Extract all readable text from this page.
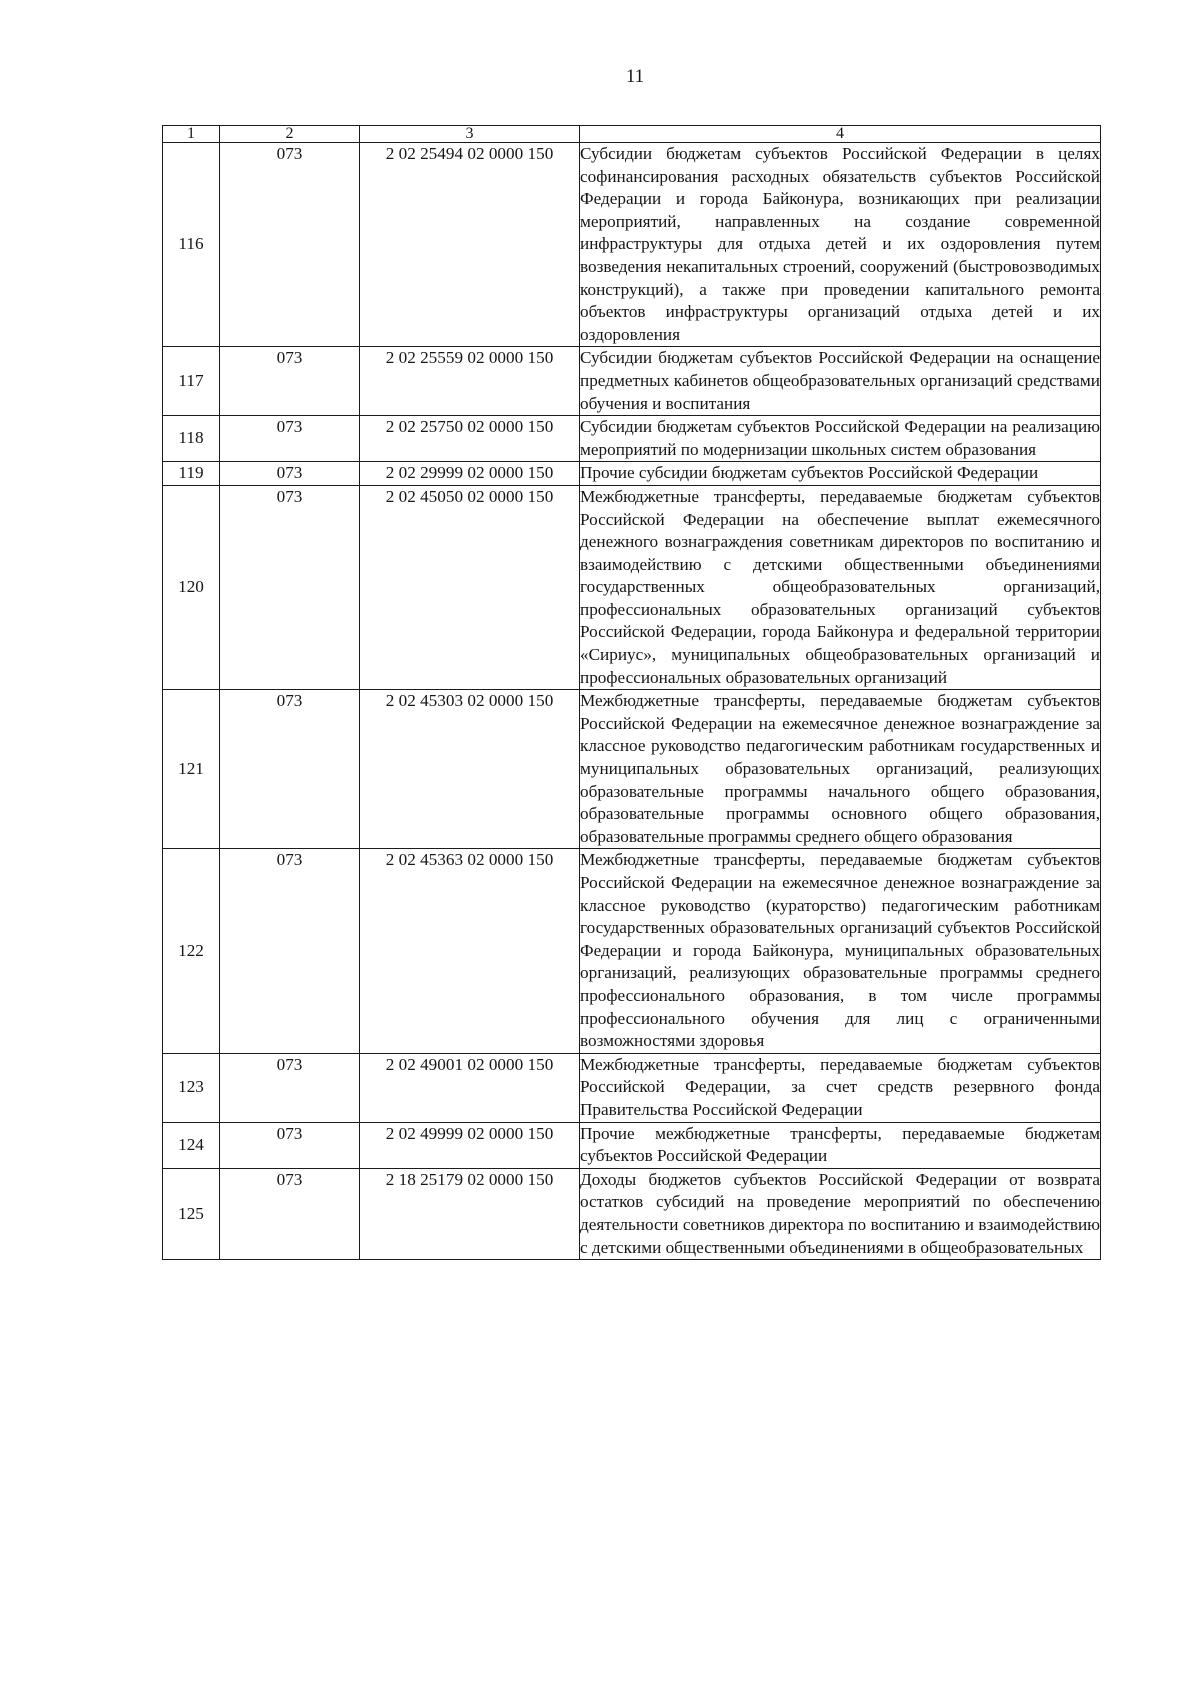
11
1	2	3	4
116	073	2 02 25494 02 0000 150	Субсидии бюджетам субъектов Российской Федерации в целях софинансирования расходных обязательств субъектов Российской Федерации и города Байконура, возникающих при реализации мероприятий, направленных на создание современной инфраструктуры для отдыха детей и их оздоровления путем возведения некапитальных строений, сооружений (быстровозводимых конструкций), а также при проведении капитального ремонта объектов инфраструктуры организаций отдыха детей и их оздоровления
117	073	2 02 25559 02 0000 150	Субсидии бюджетам субъектов Российской Федерации на оснащение предметных кабинетов общеобразовательных организаций средствами обучения и воспитания
118	073	2 02 25750 02 0000 150	Субсидии бюджетам субъектов Российской Федерации на реализацию мероприятий по модернизации школьных систем образования
119	073	2 02 29999 02 0000 150	Прочие субсидии бюджетам субъектов Российской Федерации
120	073	2 02 45050 02 0000 150	Межбюджетные трансферты, передаваемые бюджетам субъектов Российской Федерации на обеспечение выплат ежемесячного денежного вознаграждения советникам директоров по воспитанию и взаимодействию с детскими общественными объединениями государственных общеобразовательных организаций, профессиональных образовательных организаций субъектов Российской Федерации, города Байконура и федеральной территории «Сириус», муниципальных общеобразовательных организаций и профессиональных образовательных организаций
121	073	2 02 45303 02 0000 150	Межбюджетные трансферты, передаваемые бюджетам субъектов Российской Федерации на ежемесячное денежное вознаграждение за классное руководство педагогическим работникам государственных и муниципальных образовательных организаций, реализующих образовательные программы начального общего образования, образовательные программы основного общего образования, образовательные программы среднего общего образования
122	073	2 02 45363 02 0000 150	Межбюджетные трансферты, передаваемые бюджетам субъектов Российской Федерации на ежемесячное денежное вознаграждение за классное руководство (кураторство) педагогическим работникам государственных образовательных организаций субъектов Российской Федерации и города Байконура, муниципальных образовательных организаций, реализующих образовательные программы среднего профессионального образования, в том числе программы профессионального обучения для лиц с ограниченными возможностями здоровья
123	073	2 02 49001 02 0000 150	Межбюджетные трансферты, передаваемые бюджетам субъектов Российской Федерации, за счет средств резервного фонда Правительства Российской Федерации
124	073	2 02 49999 02 0000 150	Прочие межбюджетные трансферты, передаваемые бюджетам субъектов Российской Федерации
125	073	2 18 25179 02 0000 150	Доходы бюджетов субъектов Российской Федерации от возврата остатков субсидий на проведение мероприятий по обеспечению деятельности советников директора по воспитанию и взаимодействию с детскими общественными объединениями в общеобразовательных
